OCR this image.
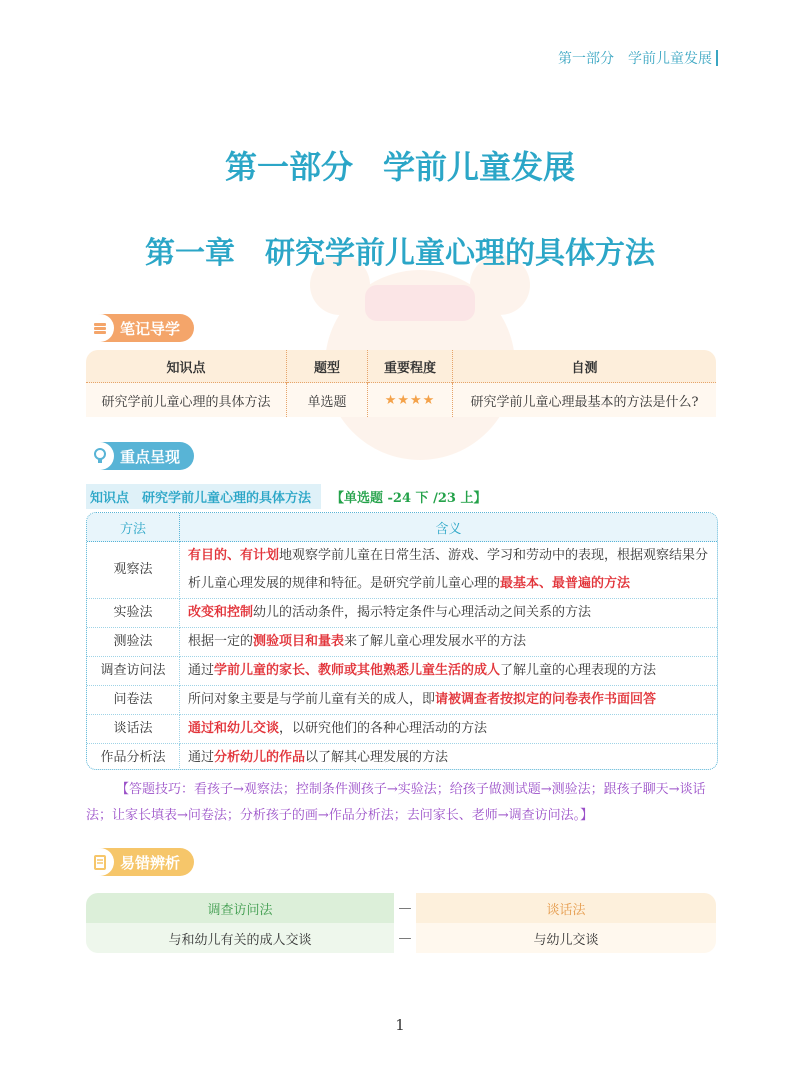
第一部分 学前儿童发展
第一部分 学前儿童发展
第一章 研究学前儿童心理的具体方法
笔记导学
知识点	题型	重要程度	自测
研究学前儿童心理的具体方法	单选题	★★★★	研究学前儿童心理最基本的方法是什么?
重点呈现
知识点　研究学前儿童心理的具体方法	【单选题 -24 下 /23 上】
方法	含义
观察法	有目的、有计划地观察学前儿童在日常生活、游戏、学习和劳动中的表现，根据观察结果分析儿童心理发展的规律和特征。是研究学前儿童心理的最基本、最普遍的方法
实验法	改变和控制幼儿的活动条件，揭示特定条件与心理活动之间关系的方法
测验法	根据一定的测验项目和量表来了解儿童心理发展水平的方法
调查访问法	通过学前儿童的家长、教师或其他熟悉儿童生活的成人了解儿童的心理表现的方法
问卷法	所问对象主要是与学前儿童有关的成人，即请被调查者按拟定的问卷表作书面回答
谈话法	通过和幼儿交谈，以研究他们的各种心理活动的方法
作品分析法	通过分析幼儿的作品以了解其心理发展的方法
【答题技巧：看孩子→观察法；控制条件测孩子→实验法；给孩子做测试题→测验法；跟孩子聊天→谈话法；让家长填表→问卷法；分析孩子的画→作品分析法；去问家长、老师→调查访问法。】
易错辨析
调查访问法	—	谈话法
与和幼儿有关的成人交谈	—	与幼儿交谈
1
